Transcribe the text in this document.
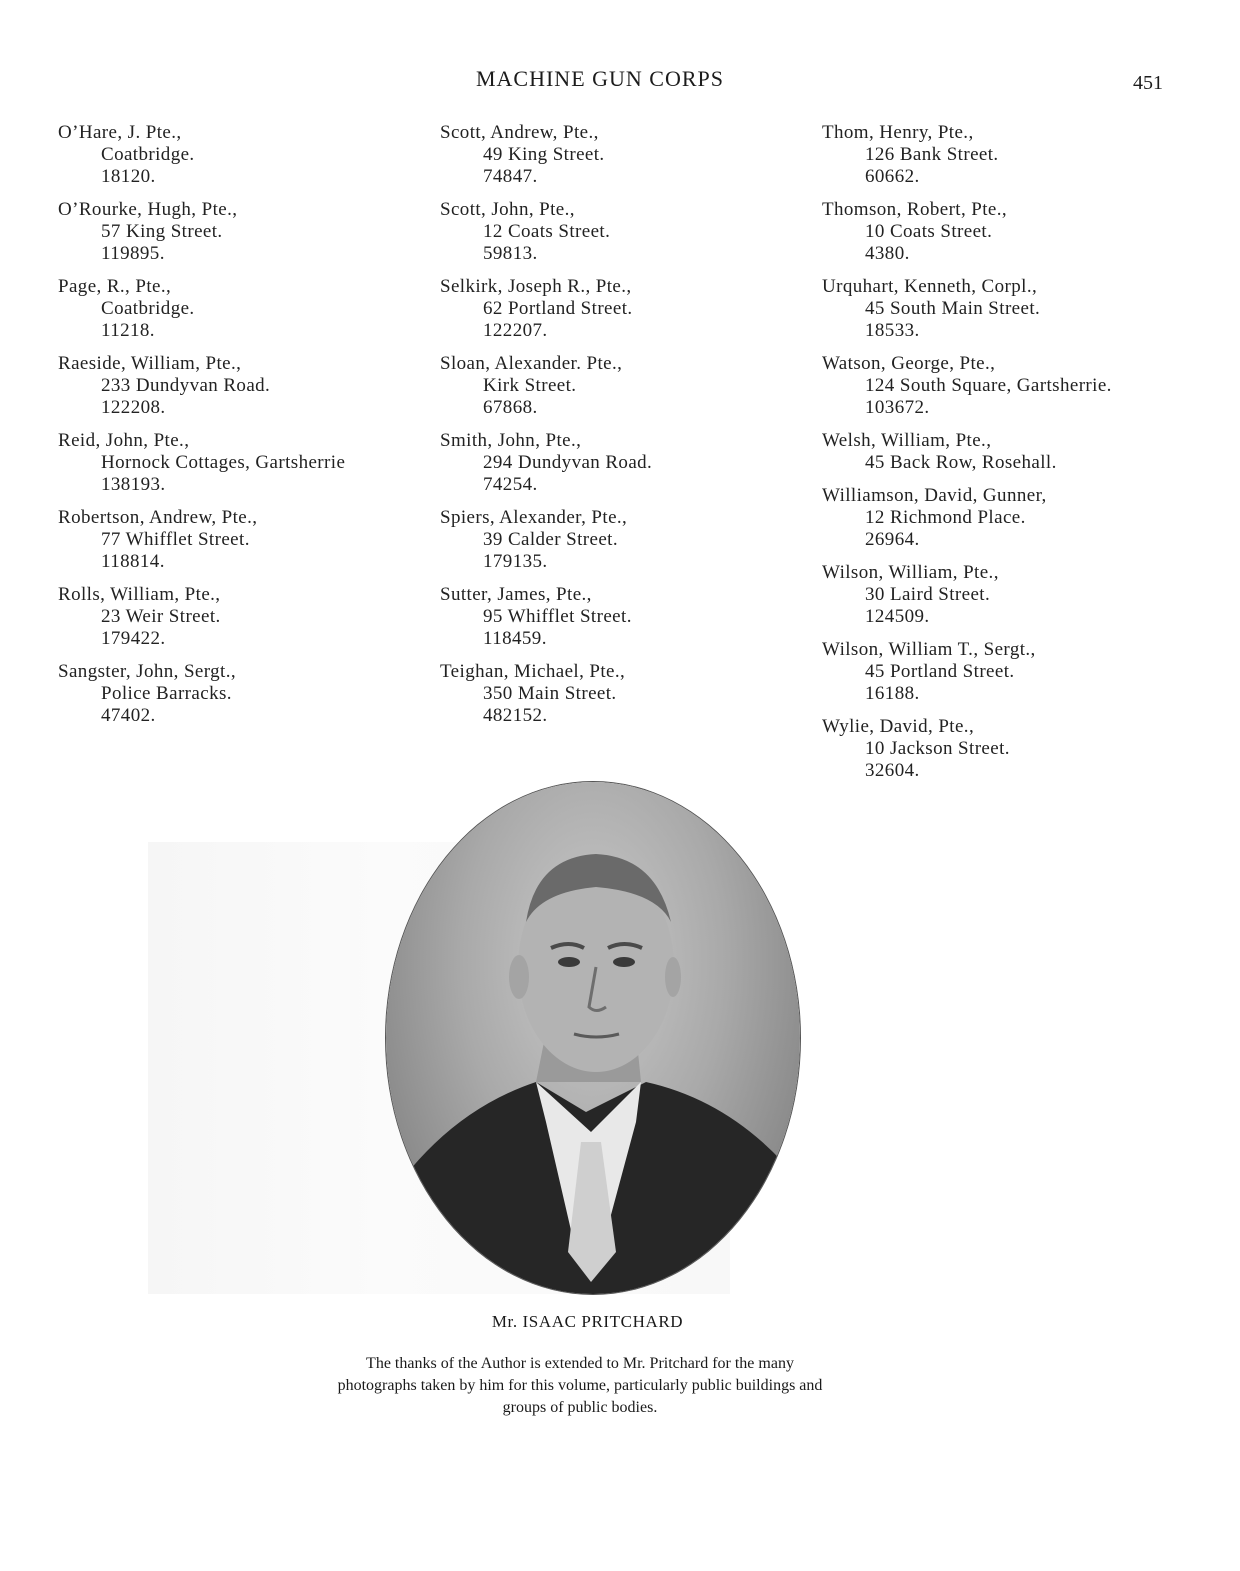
MACHINE GUN CORPS	451
O’Hare, J. Pte.,
Coatbridge.
18120.
O’Rourke, Hugh, Pte.,
57 King Street.
119895.
Page, R., Pte.,
Coatbridge.
11218.
Raeside, William, Pte.,
233 Dundyvan Road.
122208.
Reid, John, Pte.,
Hornock Cottages, Gartsherrie
138193.
Robertson, Andrew, Pte.,
77 Whifflet Street.
118814.
Rolls, William, Pte.,
23 Weir Street.
179422.
Sangster, John, Sergt.,
Police Barracks.
47402.
Scott, Andrew, Pte.,
49 King Street.
74847.
Scott, John, Pte.,
12 Coats Street.
59813.
Selkirk, Joseph R., Pte.,
62 Portland Street.
122207.
Sloan, Alexander. Pte.,
Kirk Street.
67868.
Smith, John, Pte.,
294 Dundyvan Road.
74254.
Spiers, Alexander, Pte.,
39 Calder Street.
179135.
Sutter, James, Pte.,
95 Whifflet Street.
118459.
Teighan, Michael, Pte.,
350 Main Street.
482152.
Thom, Henry, Pte.,
126 Bank Street.
60662.
Thomson, Robert, Pte.,
10 Coats Street.
4380.
Urquhart, Kenneth, Corpl.,
45 South Main Street.
18533.
Watson, George, Pte.,
124 South Square, Gartsherrie.
103672.
Welsh, William, Pte.,
45 Back Row, Rosehall.
Williamson, David, Gunner,
12 Richmond Place.
26964.
Wilson, William, Pte.,
30 Laird Street.
124509.
Wilson, William T., Sergt.,
45 Portland Street.
16188.
Wylie, David, Pte.,
10 Jackson Street.
32604.
Mr. ISAAC PRITCHARD
The thanks of the Author is extended to Mr. Pritchard for the many photographs taken by him for this volume, particularly public buildings and groups of public bodies.
